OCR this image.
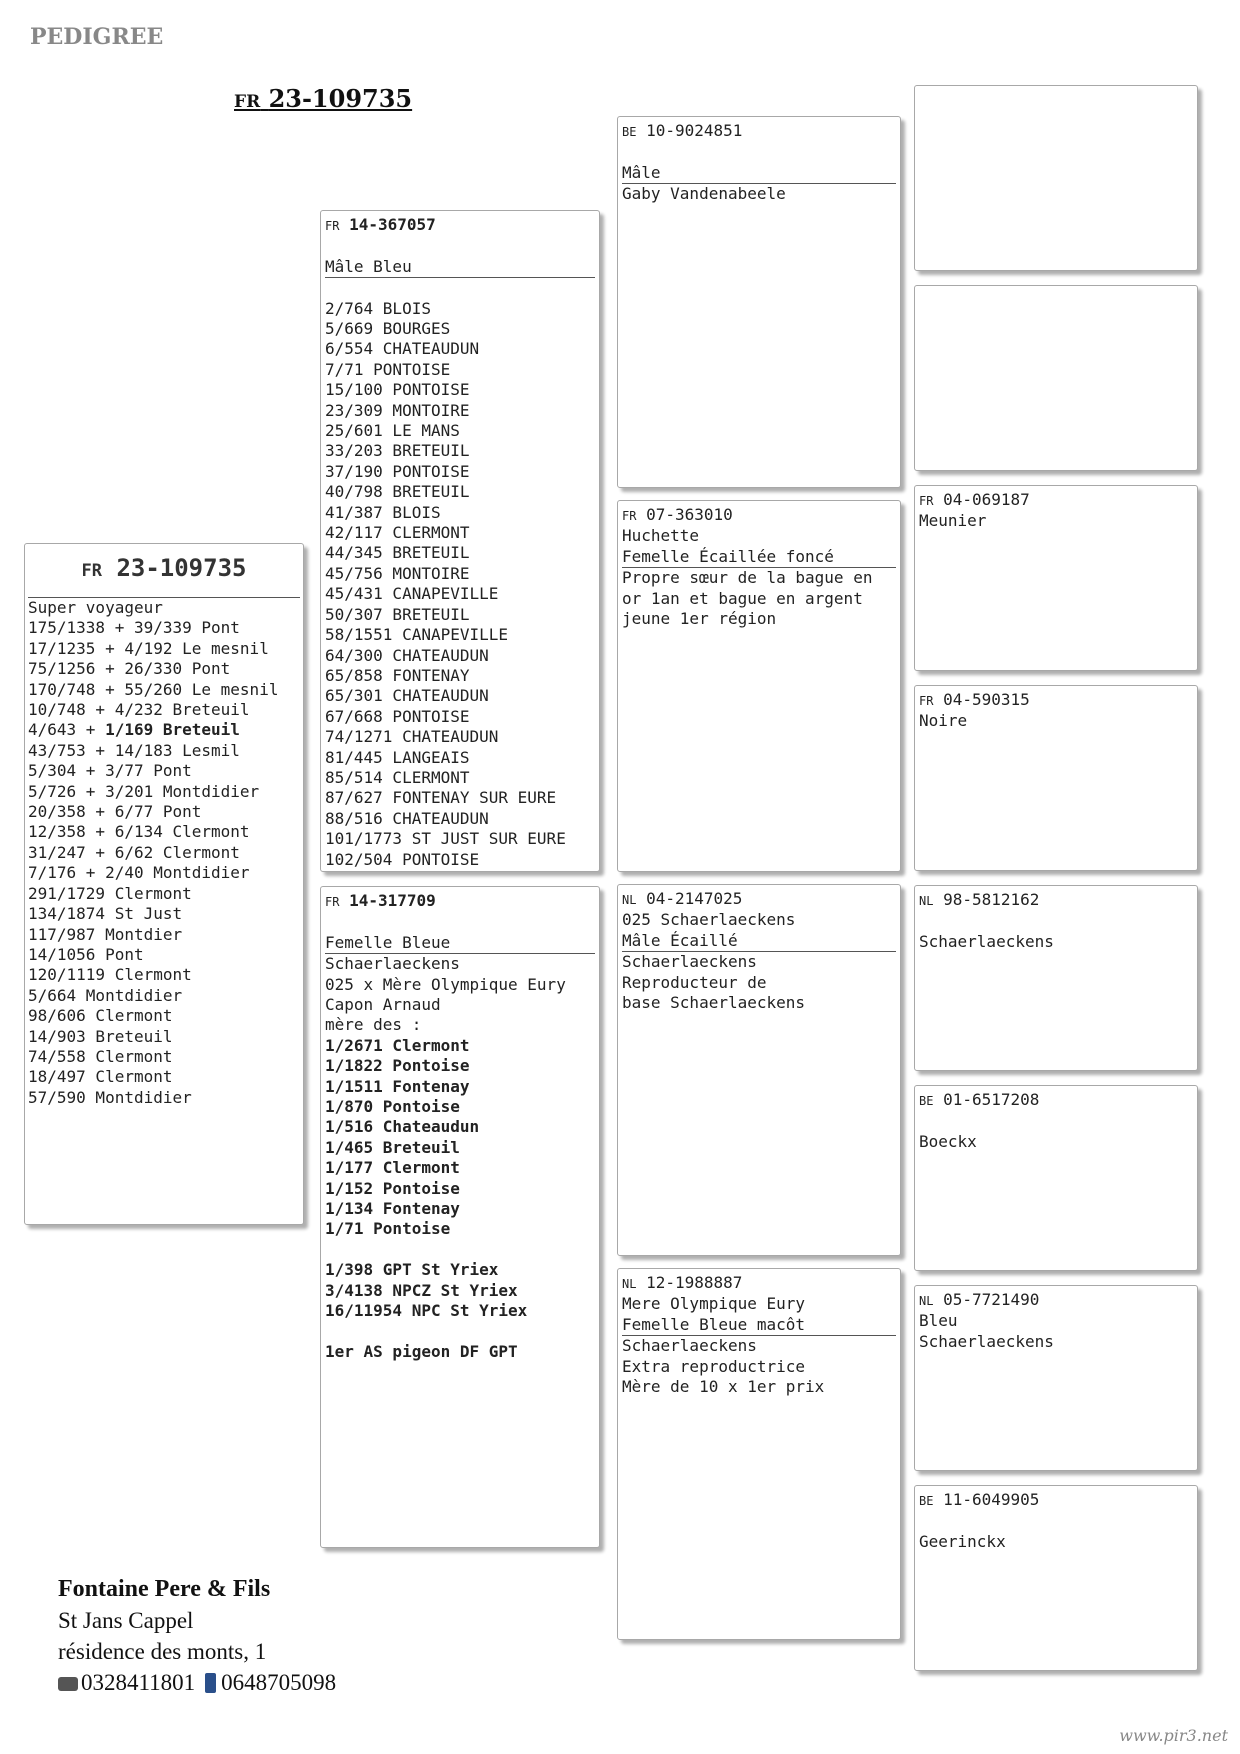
PEDIGREE
FR 23-109735
FR 23-109735
Super voyageur
175/1338 + 39/339 Pont
17/1235 + 4/192 Le mesnil
75/1256 + 26/330 Pont
170/748 + 55/260 Le mesnil
10/748 + 4/232 Breteuil
4/643 + 1/169 Breteuil
43/753 + 14/183 Lesmil
5/304 + 3/77 Pont
5/726 + 3/201 Montdidier
20/358 + 6/77 Pont
12/358 + 6/134 Clermont
31/247 + 6/62 Clermont
7/176 + 2/40 Montdidier
291/1729 Clermont
134/1874 St Just
117/987 Montdier
14/1056 Pont
120/1119 Clermont
5/664 Montdidier
98/606 Clermont
14/903 Breteuil
74/558 Clermont
18/497 Clermont
57/590 Montdidier
FR 14-367057
Mâle Bleu
2/764 BLOIS
5/669 BOURGES
6/554 CHATEAUDUN
7/71 PONTOISE
15/100 PONTOISE
23/309 MONTOIRE
25/601 LE MANS
33/203 BRETEUIL
37/190 PONTOISE
40/798 BRETEUIL
41/387 BLOIS
42/117 CLERMONT
44/345 BRETEUIL
45/756 MONTOIRE
45/431 CANAPEVILLE
50/307 BRETEUIL
58/1551 CANAPEVILLE
64/300 CHATEAUDUN
65/858 FONTENAY
65/301 CHATEAUDUN
67/668 PONTOISE
74/1271 CHATEAUDUN
81/445 LANGEAIS
85/514 CLERMONT
87/627 FONTENAY SUR EURE
88/516 CHATEAUDUN
101/1773 ST JUST SUR EURE
102/504 PONTOISE
FR 14-317709
Femelle Bleue
Schaerlaeckens
025 x Mère Olympique Eury
Capon Arnaud
mère des :
1/2671 Clermont
1/1822 Pontoise
1/1511 Fontenay
1/870 Pontoise
1/516 Chateaudun
1/465 Breteuil
1/177 Clermont
1/152 Pontoise
1/134 Fontenay
1/71 Pontoise
1/398 GPT St Yriex
3/4138 NPCZ St Yriex
16/11954 NPC St Yriex
1er AS pigeon DF GPT
BE 10-9024851
Mâle
Gaby Vandenabeele
FR 07-363010
Huchette
Femelle Écaillée foncé
Propre sœur de la bague en
or 1an et bague en argent
jeune 1er région
NL 04-2147025
025 Schaerlaeckens
Mâle Écaillé
Schaerlaeckens
Reproducteur de
base Schaerlaeckens
NL 12-1988887
Mere Olympique Eury
Femelle Bleue macôt
Schaerlaeckens
Extra reproductrice
Mère de 10 x 1er prix
FR 04-069187
Meunier
FR 04-590315
Noire
NL 98-5812162
Schaerlaeckens
BE 01-6517208
Boeckx
NL 05-7721490
Bleu
Schaerlaeckens
BE 11-6049905
Geerinckx
Fontaine Pere & Fils
St Jans Cappel
résidence des monts, 1
0328411801 0648705098
www.pir3.net
